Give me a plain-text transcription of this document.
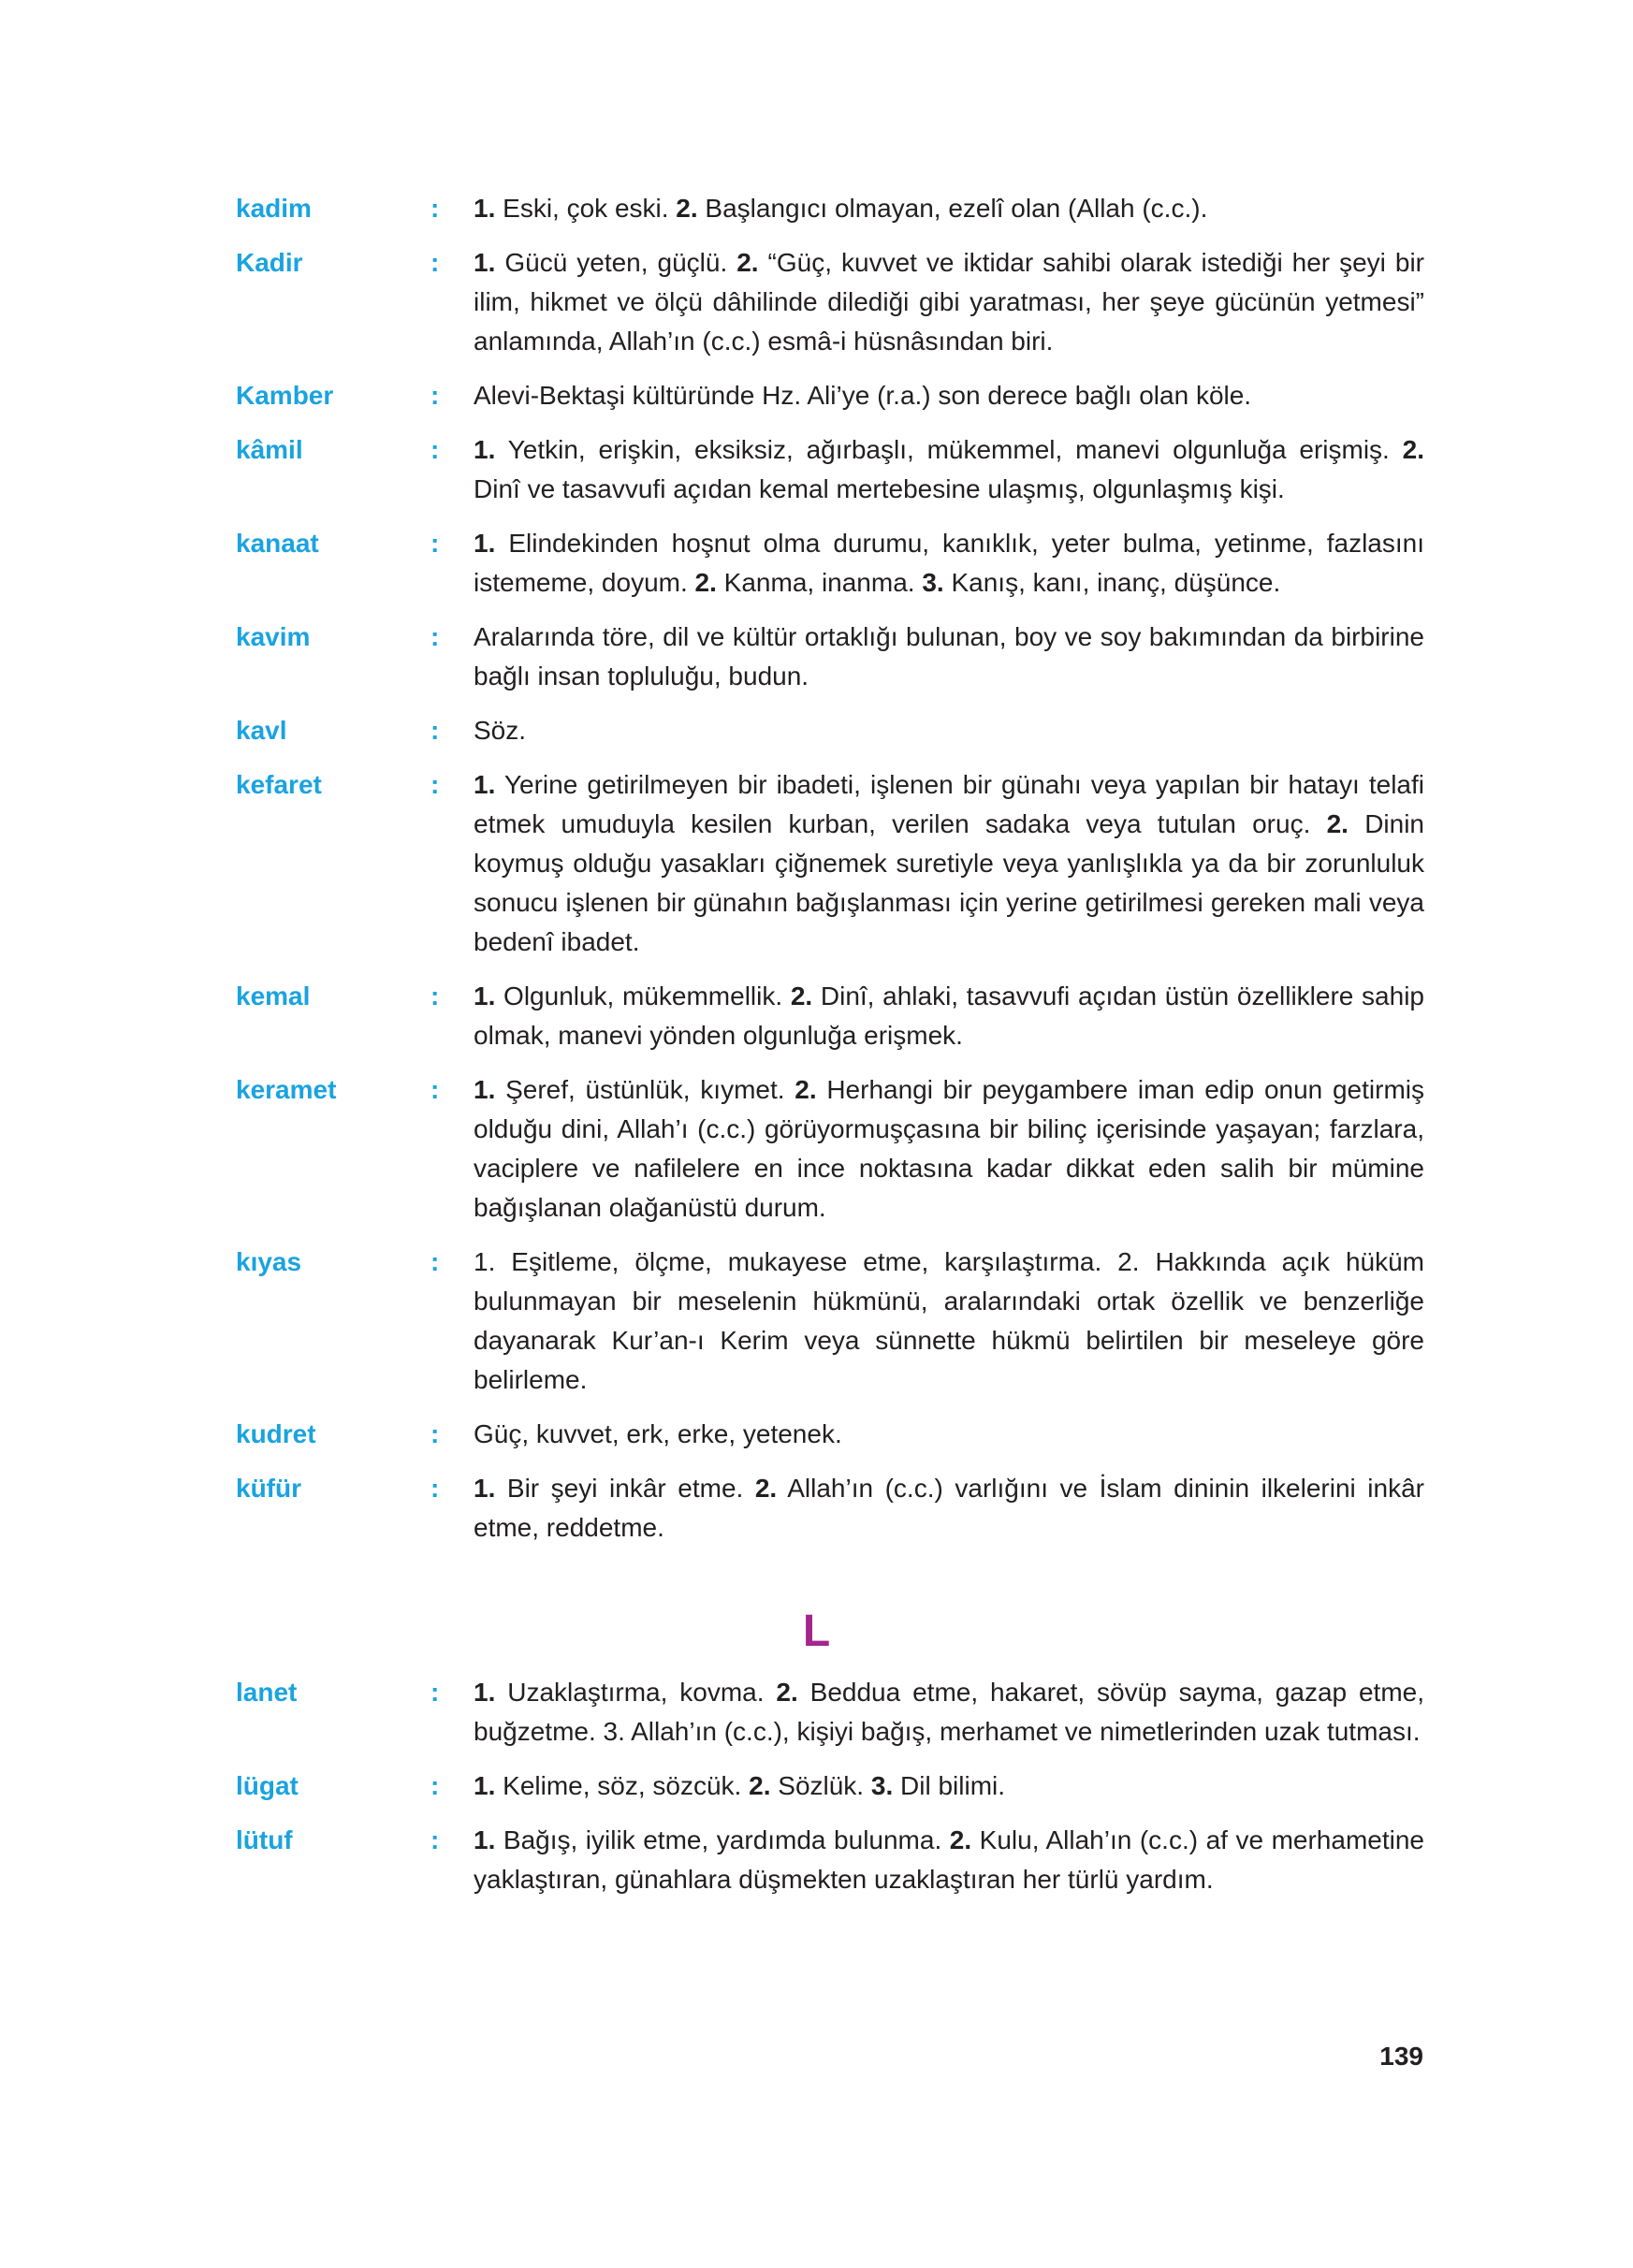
kadim	:	1. Eski, çok eski. 2. Başlangıcı olmayan, ezelî olan (Allah (c.c.).
Kadir	:	1. Gücü yeten, güçlü. 2. “Güç, kuvvet ve iktidar sahibi olarak istediği her şeyi bir ilim, hikmet ve ölçü dâhilinde dilediği gibi yaratması, her şeye gücünün yetmesi” anlamında, Allah’ın (c.c.) esmâ-i hüsnâsından biri.
Kamber	:	Alevi-Bektaşi kültüründe Hz. Ali’ye (r.a.) son derece bağlı olan köle.
kâmil	:	1. Yetkin, erişkin, eksiksiz, ağırbaşlı, mükemmel, manevi olgunluğa erişmiş. 2. Dinî ve tasavvufi açıdan kemal mertebesine ulaşmış, olgunlaşmış kişi.
kanaat	:	1. Elindekinden hoşnut olma durumu, kanıklık, yeter bulma, yetinme, fazlasını istememe, doyum. 2. Kanma, inanma. 3. Kanış, kanı, inanç, düşünce.
kavim	:	Aralarında töre, dil ve kültür ortaklığı bulunan, boy ve soy bakımından da birbirine bağlı insan topluluğu, budun.
kavl	:	Söz.
kefaret	:	1. Yerine getirilmeyen bir ibadeti, işlenen bir günahı veya yapılan bir hatayı telafi etmek umuduyla kesilen kurban, verilen sadaka veya tutulan oruç. 2. Dinin koymuş olduğu yasakları çiğnemek suretiyle veya yanlışlıkla ya da bir zorunluluk sonucu işlenen bir günahın bağışlanması için yerine getirilmesi gereken mali veya bedenî ibadet.
kemal	:	1. Olgunluk, mükemmellik. 2. Dinî, ahlaki, tasavvufi açıdan üstün özelliklere sahip olmak, manevi yönden olgunluğa erişmek.
keramet	:	1. Şeref, üstünlük, kıymet. 2. Herhangi bir peygambere iman edip onun getirmiş olduğu dini, Allah’ı (c.c.) görüyormuşçasına bir bilinç içerisinde yaşayan; farzlara, vaciplere ve nafilelere en ince noktasına kadar dikkat eden salih bir mümine bağışlanan olağanüstü durum.
kıyas	:	1. Eşitleme, ölçme, mukayese etme, karşılaştırma. 2. Hakkında açık hüküm bulunmayan bir meselenin hükmünü, aralarındaki ortak özellik ve benzerliğe dayanarak Kur’an-ı Kerim veya sünnette hükmü belirtilen bir meseleye göre belirleme.
kudret	:	Güç, kuvvet, erk, erke, yetenek.
küfür	:	1. Bir şeyi inkâr etme. 2. Allah’ın (c.c.) varlığını ve İslam dininin ilkelerini inkâr etme, reddetme.
L
lanet	:	1. Uzaklaştırma, kovma. 2. Beddua etme, hakaret, sövüp sayma, gazap etme, buğzetme. 3. Allah’ın (c.c.), kişiyi bağış, merhamet ve nimetlerinden uzak tutması.
lügat	:	1. Kelime, söz, sözcük. 2. Sözlük. 3. Dil bilimi.
lütuf	:	1. Bağış, iyilik etme, yardımda bulunma. 2. Kulu, Allah’ın (c.c.) af ve merhametine yaklaştıran, günahlara düşmekten uzaklaştıran her türlü yardım.
139
